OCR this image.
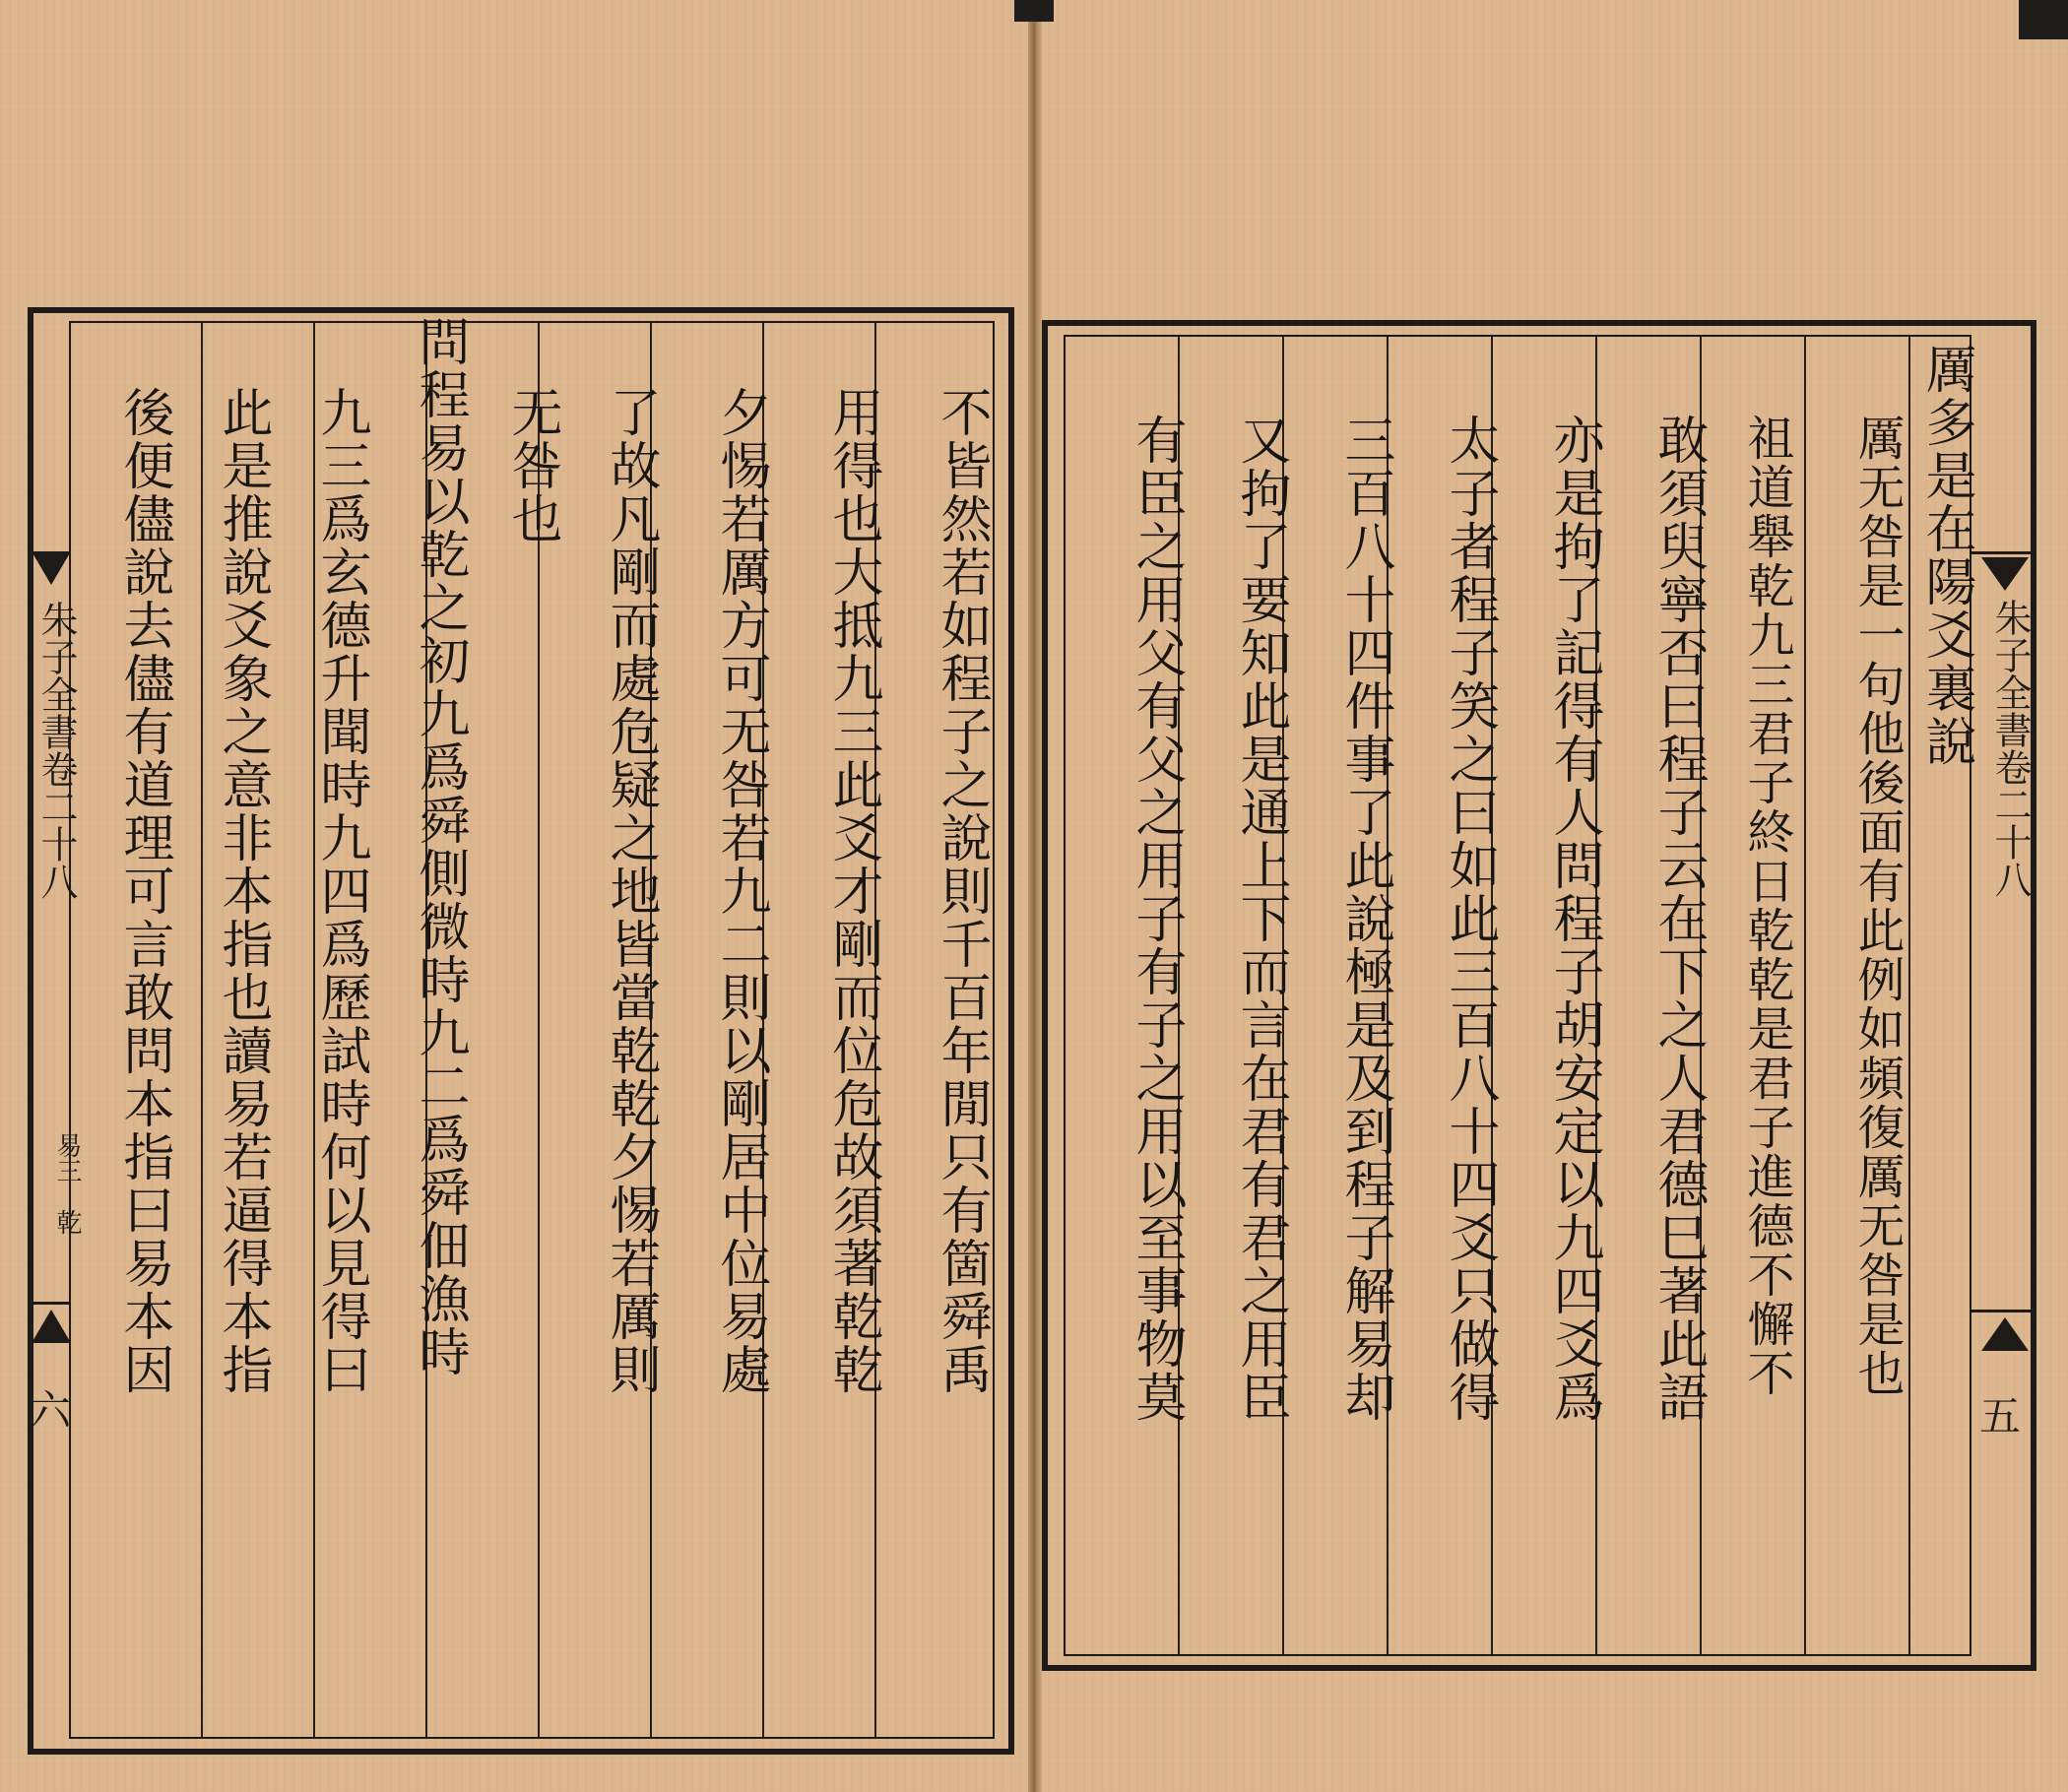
朱子全書卷二十八
易三　乾
六
不皆然若如程子之說則千百年閒只有箇舜禹
用得也大抵九三此爻才剛而位危故須著乾乾
夕惕若厲方可无咎若九二則以剛居中位易處
了故凡剛而處危疑之地皆當乾乾夕惕若厲則
无咎也
問程易以乾之初九爲舜側微時九二爲舜佃漁時
九三爲玄德升聞時九四爲歷試時何以見得曰
此是推說爻象之意非本指也讀易若逼得本指
後便儘說去儘有道理可言敢問本指曰易本因	朱子全書卷二十八
五
厲多是在陽爻裏說
厲无咎是一句他後面有此例如頻復厲无咎是也
祖道舉乾九三君子終日乾乾是君子進德不懈不
敢須臾寧否曰程子云在下之人君德巳著此語
亦是拘了記得有人問程子胡安定以九四爻爲
太子者程子笑之曰如此三百八十四爻只做得
三百八十四件事了此說極是及到程子解易却
又拘了要知此是通上下而言在君有君之用臣
有臣之用父有父之用子有子之用以至事物莫
